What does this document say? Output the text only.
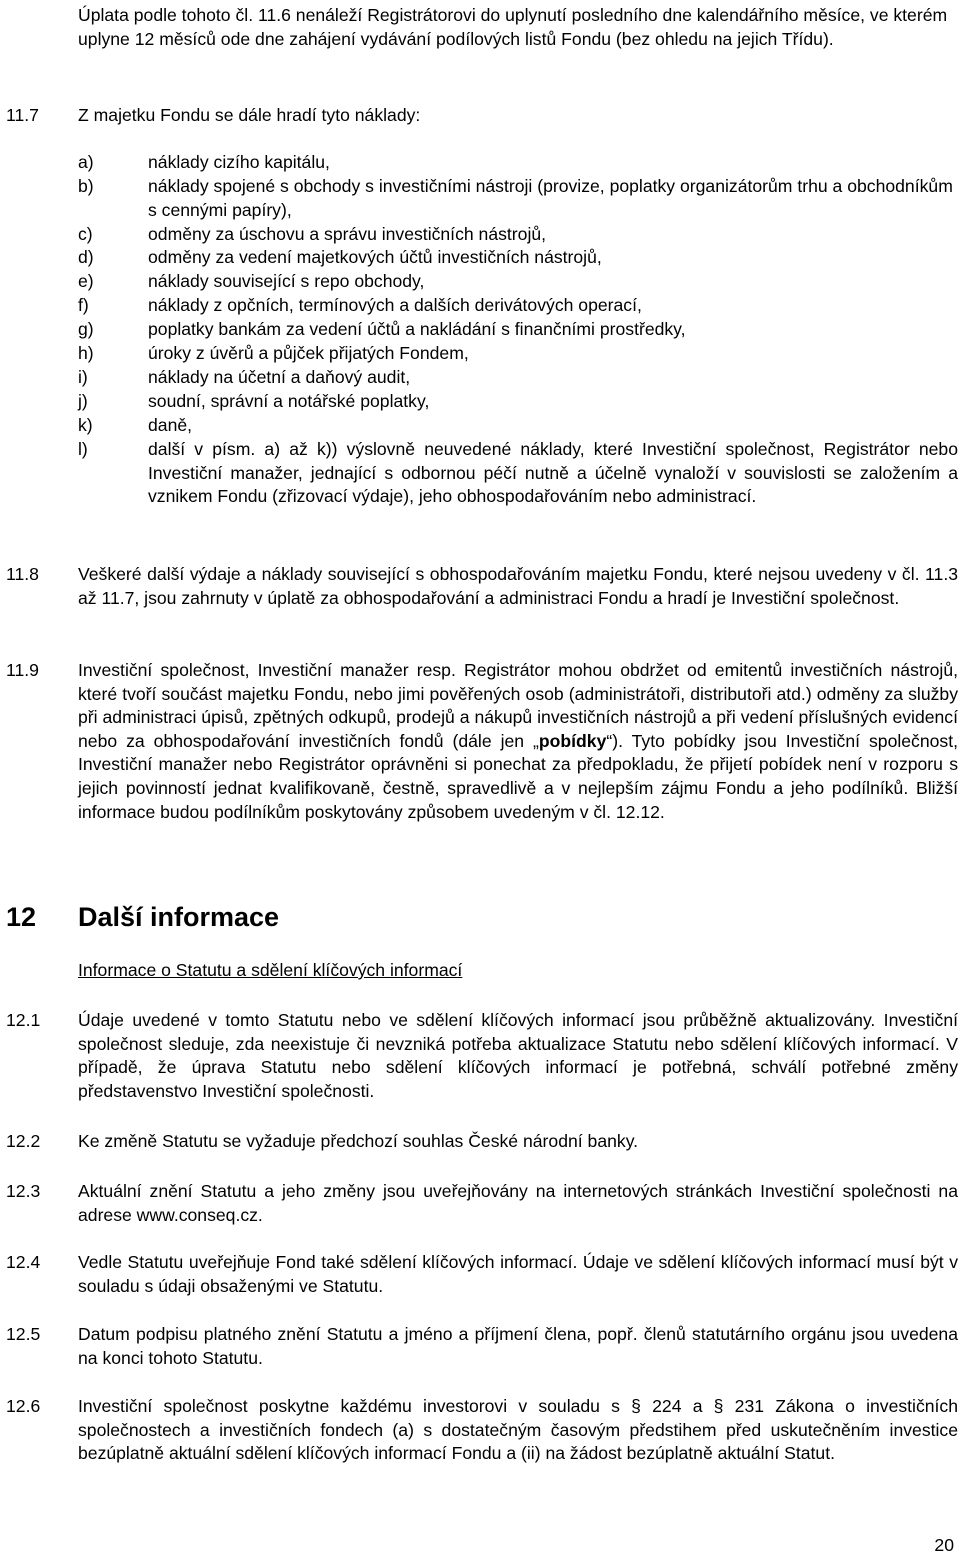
Úplata podle tohoto čl. 11.6 nenáleží Registrátorovi do uplynutí posledního dne kalendářního měsíce, ve kterém uplyne 12 měsíců ode dne zahájení vydávání podílových listů Fondu (bez ohledu na jejich Třídu).
11.7	Z majetku Fondu se dále hradí tyto náklady:
a)	náklady cizího kapitálu,
b)	náklady spojené s obchody s investičními nástroji (provize, poplatky organizátorům trhu a obchodníkům s cennými papíry),
c)	odměny za úschovu a správu investičních nástrojů,
d)	odměny za vedení majetkových účtů investičních nástrojů,
e)	náklady související s repo obchody,
f)	náklady z opčních, termínových a dalších derivátových operací,
g)	poplatky bankám za vedení účtů a nakládání s finančními prostředky,
h)	úroky z úvěrů a půjček přijatých Fondem,
i)	náklady na účetní a daňový audit,
j)	soudní, správní a notářské poplatky,
k)	daně,
l)	další v písm. a) až k)) výslovně neuvedené náklady, které Investiční společnost, Registrátor nebo Investiční manažer, jednající s odbornou péčí nutně a účelně vynaloží v souvislosti se založením a vznikem Fondu (zřizovací výdaje), jeho obhospodařováním nebo administrací.
11.8	Veškeré další výdaje a náklady související s obhospodařováním majetku Fondu, které nejsou uvedeny v čl. 11.3 až 11.7, jsou zahrnuty v úplatě za obhospodařování a administraci Fondu a hradí je Investiční společnost.
11.9	Investiční společnost, Investiční manažer resp. Registrátor mohou obdržet od emitentů investičních nástrojů, které tvoří součást majetku Fondu, nebo jimi pověřených osob (administrátoři, distributoři atd.) odměny za služby při administraci úpisů, zpětných odkupů, prodejů a nákupů investičních nástrojů a při vedení příslušných evidencí nebo za obhospodařování investičních fondů (dále jen „pobídky“). Tyto pobídky jsou Investiční společnost, Investiční manažer nebo Registrátor oprávněni si ponechat za předpokladu, že přijetí pobídek není v rozporu s jejich povinností jednat kvalifikovaně, čestně, spravedlivě a v nejlepším zájmu Fondu a jeho podílníků. Bližší informace budou podílníkům poskytovány způsobem uvedeným v čl. 12.12.
12 Další informace
Informace o Statutu a sdělení klíčových informací
12.1	Údaje uvedené v tomto Statutu nebo ve sdělení klíčových informací jsou průběžně aktualizovány. Investiční společnost sleduje, zda neexistuje či nevzniká potřeba aktualizace Statutu nebo sdělení klíčových informací. V případě, že úprava Statutu nebo sdělení klíčových informací je potřebná, schválí potřebné změny představenstvo Investiční společnosti.
12.2	Ke změně Statutu se vyžaduje předchozí souhlas České národní banky.
12.3	Aktuální znění Statutu a jeho změny jsou uveřejňovány na internetových stránkách Investiční společnosti na adrese www.conseq.cz.
12.4	Vedle Statutu uveřejňuje Fond také sdělení klíčových informací. Údaje ve sdělení klíčových informací musí být v souladu s údaji obsaženými ve Statutu.
12.5	Datum podpisu platného znění Statutu a jméno a příjmení člena, popř. členů statutárního orgánu jsou uvedena na konci tohoto Statutu.
12.6	Investiční společnost poskytne každému investorovi v souladu s § 224 a § 231 Zákona o investičních společnostech a investičních fondech (a) s dostatečným časovým předstihem před uskutečněním investice bezúplatně aktuální sdělení klíčových informací Fondu a (ii) na žádost bezúplatně aktuální Statut.
20
